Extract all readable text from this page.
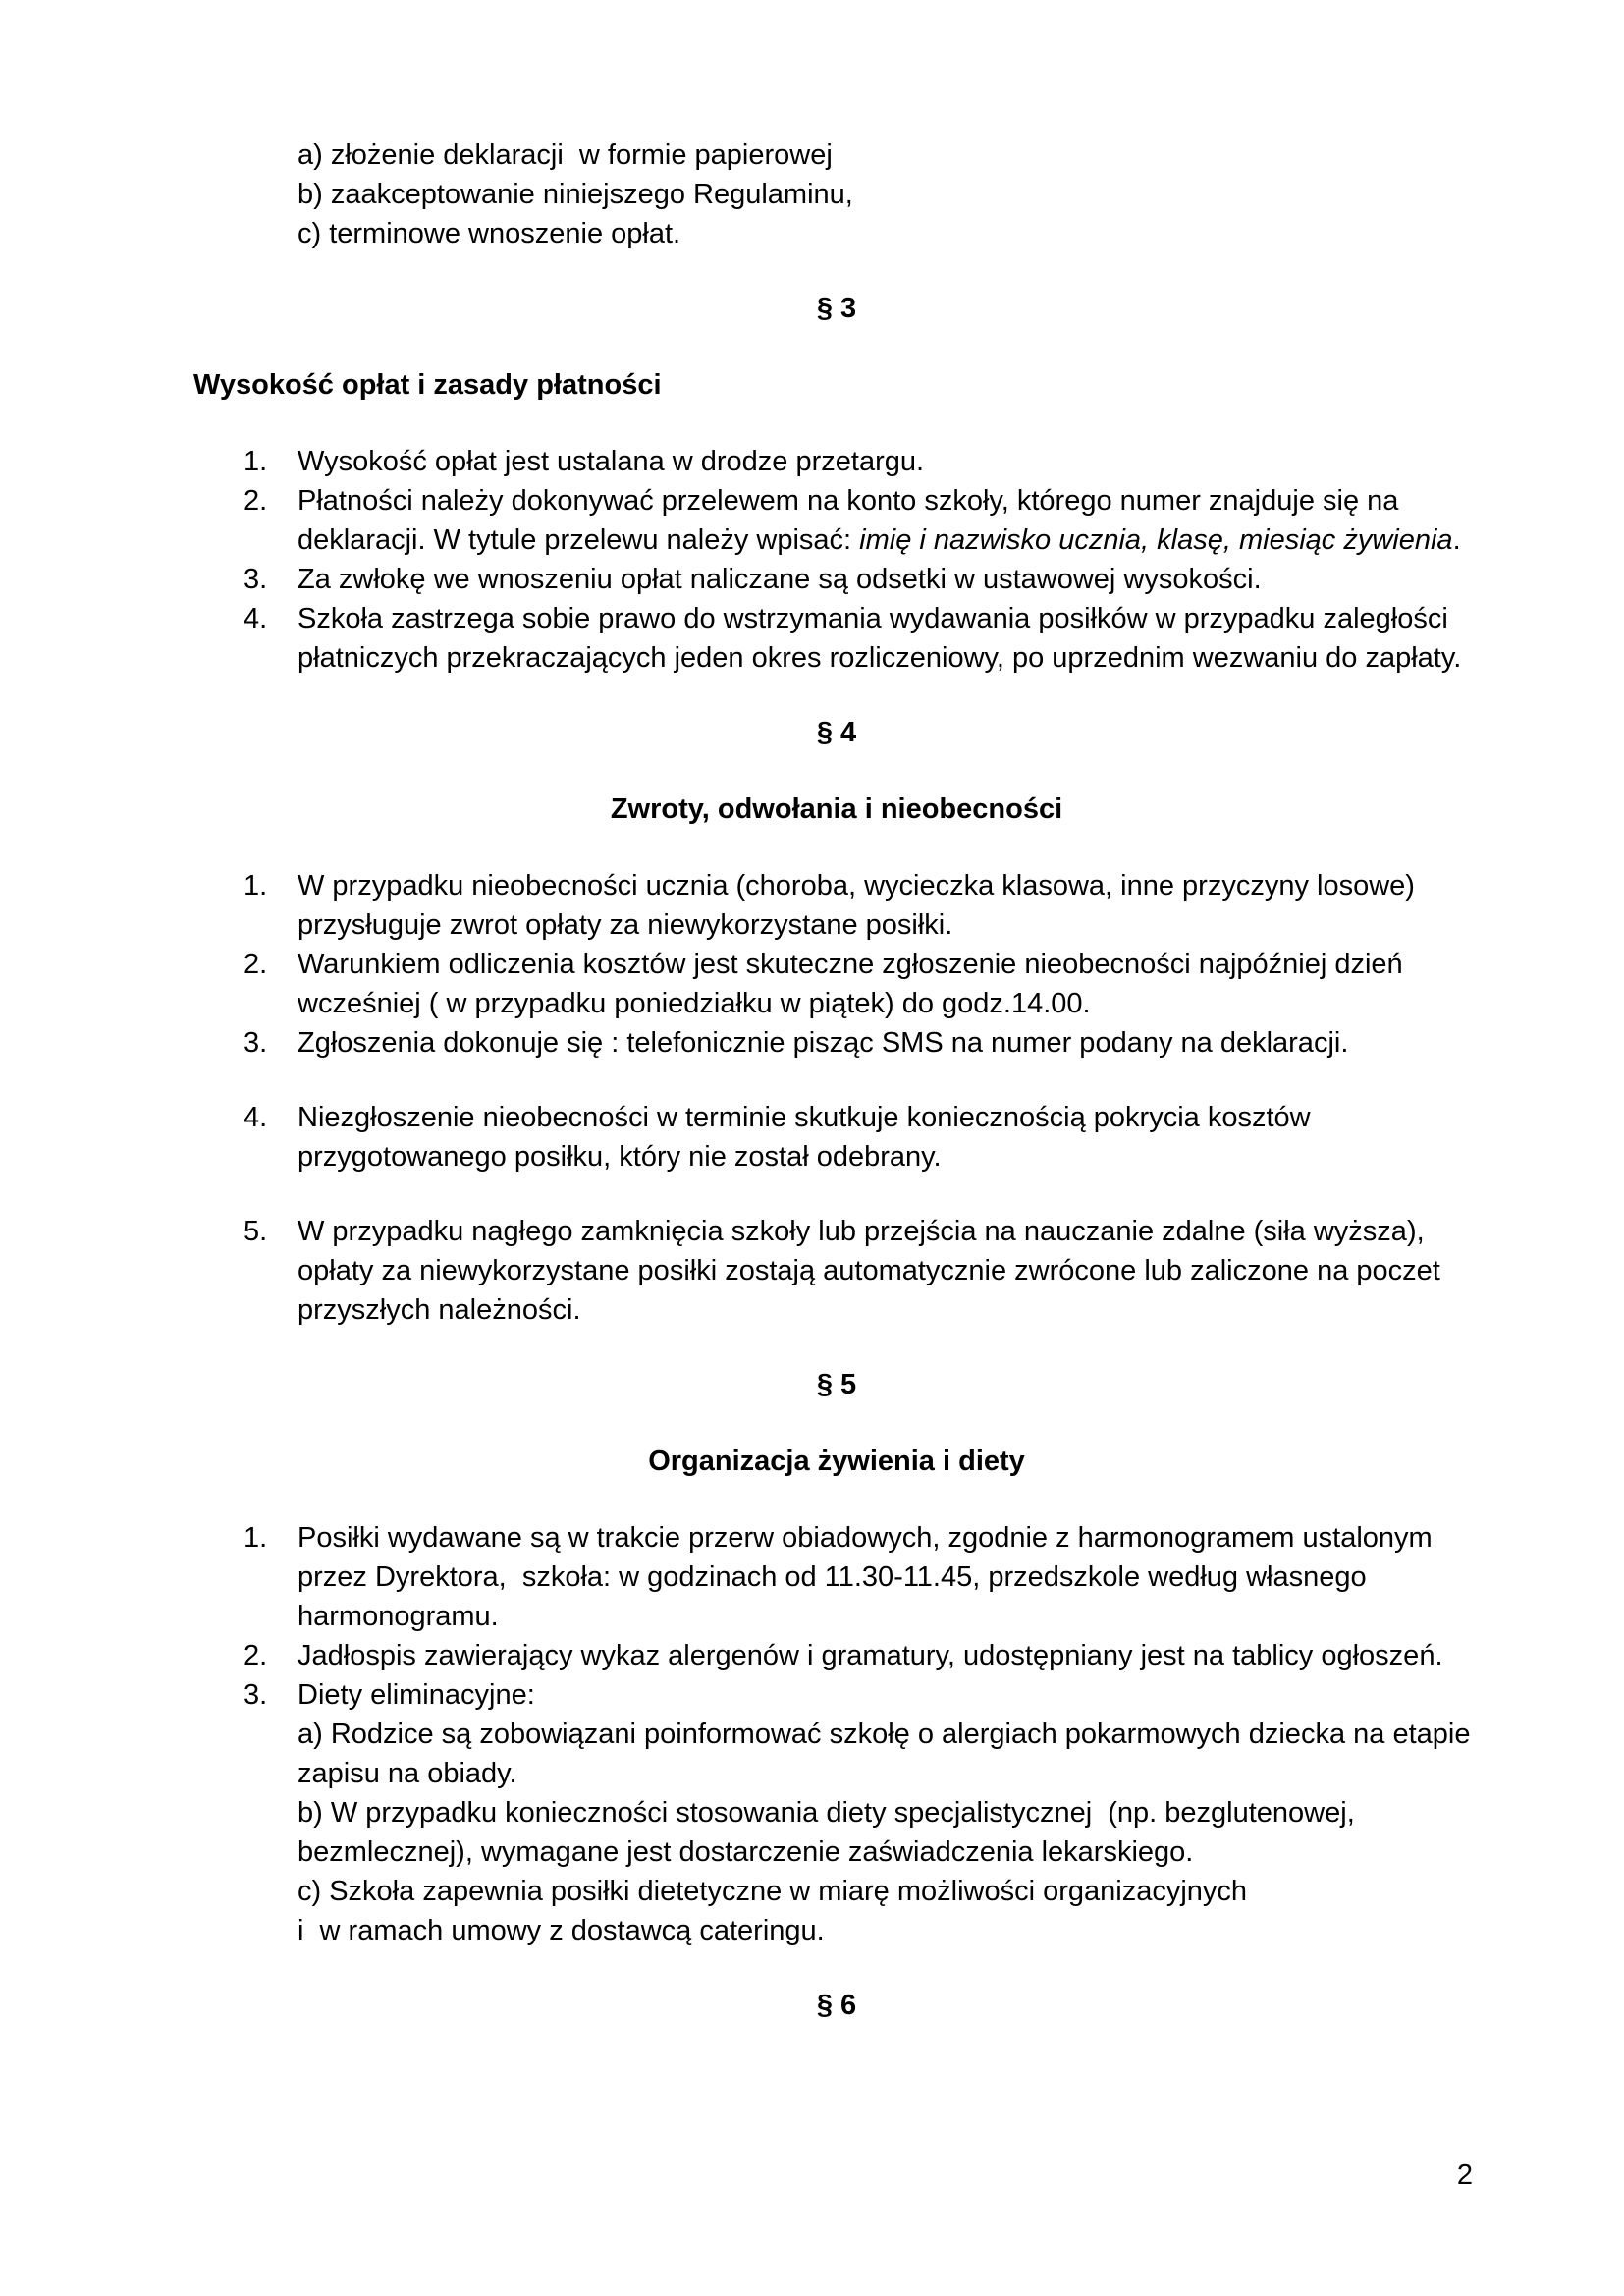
a) złożenie deklaracji  w formie papierowej
b) zaakceptowanie niniejszego Regulaminu,
c) terminowe wnoszenie opłat.
§ 3
Wysokość opłat i zasady płatności
1.	Wysokość opłat jest ustalana w drodze przetargu.
2.	Płatności należy dokonywać przelewem na konto szkoły, którego numer znajduje się na deklaracji. W tytule przelewu należy wpisać: imię i nazwisko ucznia, klasę, miesiąc żywienia.
3.	Za zwłokę we wnoszeniu opłat naliczane są odsetki w ustawowej wysokości.
4.	Szkoła zastrzega sobie prawo do wstrzymania wydawania posiłków w przypadku zaległości płatniczych przekraczających jeden okres rozliczeniowy, po uprzednim wezwaniu do zapłaty.
§ 4
Zwroty, odwołania i nieobecności
1.	W przypadku nieobecności ucznia (choroba, wycieczka klasowa, inne przyczyny losowe) przysługuje zwrot opłaty za niewykorzystane posiłki.
2.	Warunkiem odliczenia kosztów jest skuteczne zgłoszenie nieobecności najpóźniej dzień wcześniej ( w przypadku poniedziałku w piątek) do godz.14.00.
3.	Zgłoszenia dokonuje się : telefonicznie pisząc SMS na numer podany na deklaracji.
4.	Niezgłoszenie nieobecności w terminie skutkuje koniecznością pokrycia kosztów przygotowanego posiłku, który nie został odebrany.
5.	W przypadku nagłego zamknięcia szkoły lub przejścia na nauczanie zdalne (siła wyższa), opłaty za niewykorzystane posiłki zostają automatycznie zwrócone lub zaliczone na poczet przyszłych należności.
§ 5
Organizacja żywienia i diety
1.	Posiłki wydawane są w trakcie przerw obiadowych, zgodnie z harmonogramem ustalonym przez Dyrektora,  szkoła: w godzinach od 11.30-11.45, przedszkole według własnego harmonogramu.
2.	Jadłospis zawierający wykaz alergenów i gramatury, udostępniany jest na tablicy ogłoszeń.
3.	Diety eliminacyjne:
a) Rodzice są zobowiązani poinformować szkołę o alergiach pokarmowych dziecka na etapie zapisu na obiady.
b) W przypadku konieczności stosowania diety specjalistycznej  (np. bezglutenowej, bezmlecznej), wymagane jest dostarczenie zaświadczenia lekarskiego.
c) Szkoła zapewnia posiłki dietetyczne w miarę możliwości organizacyjnych
i  w ramach umowy z dostawcą cateringu.
§ 6
2
